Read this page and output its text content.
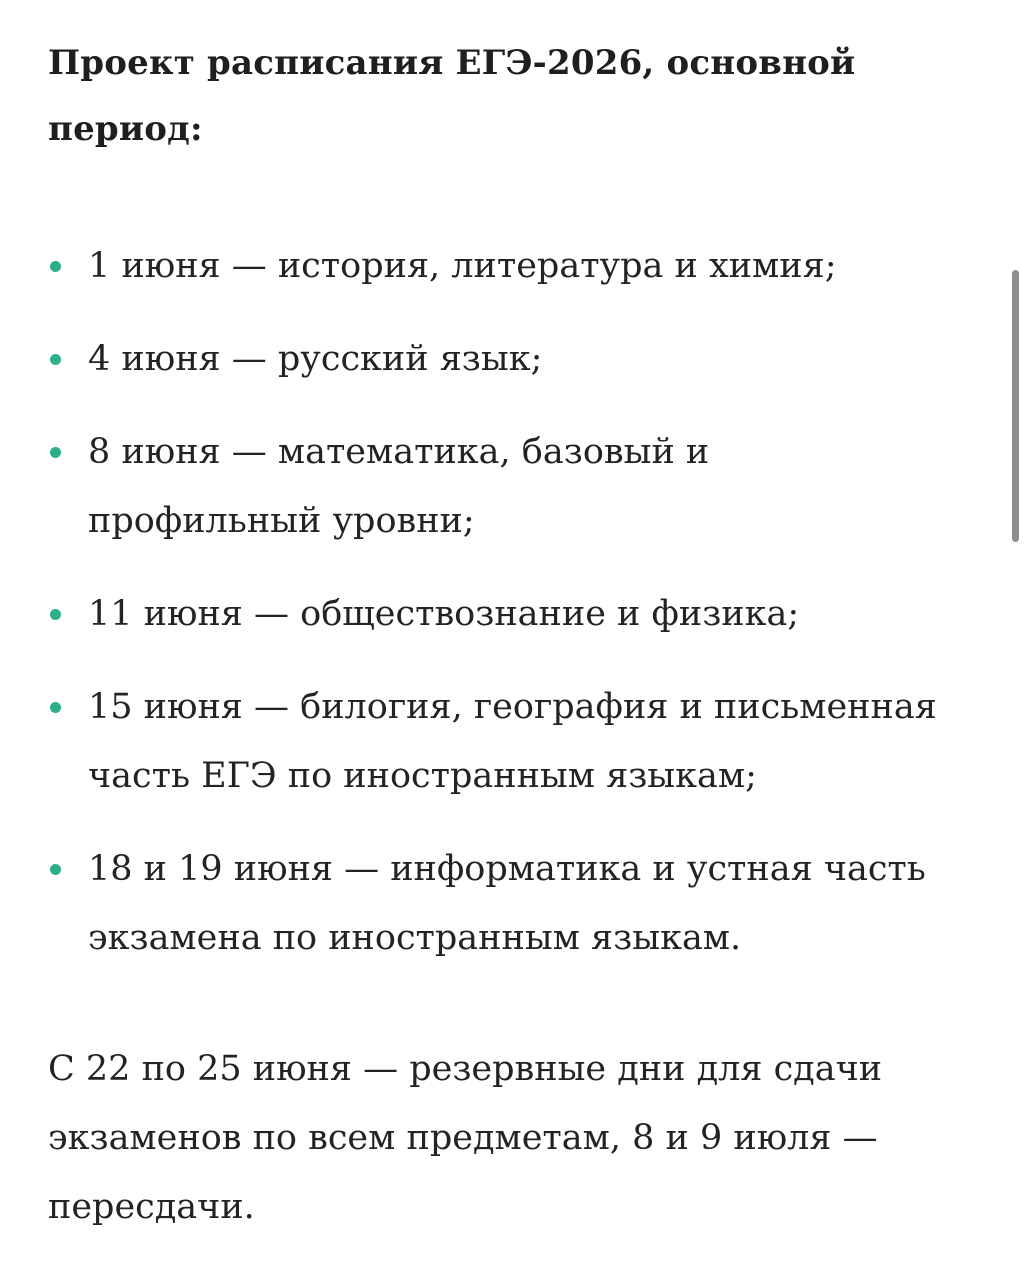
Проект расписания ЕГЭ-2026, основной период:
1 июня — история, литература и химия;
4 июня — русский язык;
8 июня — математика, базовый и профильный уровни;
11 июня — обществознание и физика;
15 июня — билогия, география и письменная часть ЕГЭ по иностранным языкам;
18 и 19 июня — информатика и устная часть экзамена по иностранным языкам.

С 22 по 25 июня — резервные дни для сдачи экзаменов по всем предметам, 8 и 9 июля — пересдачи.
